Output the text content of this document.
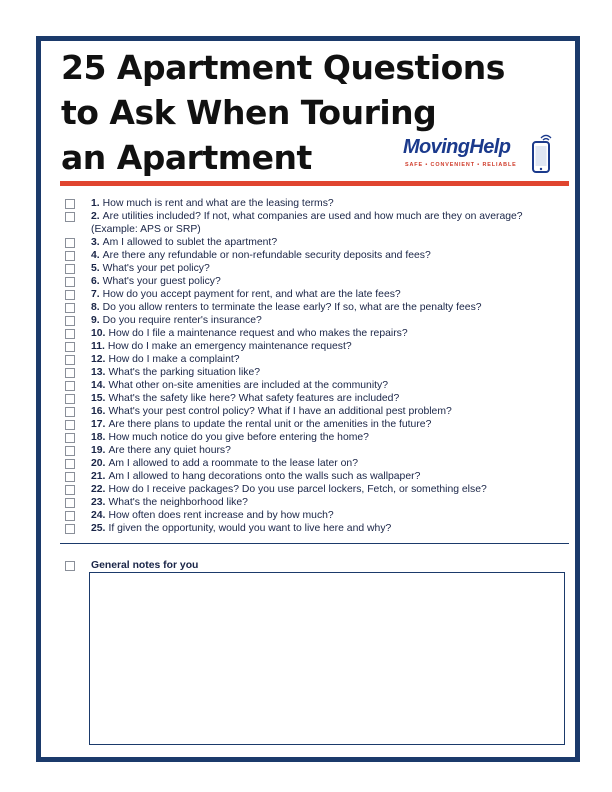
25 Apartment Questions
to Ask When Touring
an Apartment	MovingHelp
SAFE • CONVENIENT • RELIABLE
1. How much is rent and what are the leasing terms?
2. Are utilities included? If not, what companies are used and how much are they on average? (Example: APS or SRP)
3. Am I allowed to sublet the apartment?
4. Are there any refundable or non-refundable security deposits and fees?
5. What's your pet policy?
6. What's your guest policy?
7. How do you accept payment for rent, and what are the late fees?
8. Do you allow renters to terminate the lease early? If so, what are the penalty fees?
9. Do you require renter's insurance?
10. How do I file a maintenance request and who makes the repairs?
11. How do I make an emergency maintenance request?
12. How do I make a complaint?
13. What's the parking situation like?
14. What other on-site amenities are included at the community?
15. What's the safety like here? What safety features are included?
16. What's your pest control policy? What if I have an additional pest problem?
17. Are there plans to update the rental unit or the amenities in the future?
18. How much notice do you give before entering the home?
19. Are there any quiet hours?
20. Am I allowed to add a roommate to the lease later on?
21. Am I allowed to hang decorations onto the walls such as wallpaper?
22. How do I receive packages? Do you use parcel lockers, Fetch, or something else?
23. What's the neighborhood like?
24. How often does rent increase and by how much?
25. If given the opportunity, would you want to live here and why?
General notes for you
